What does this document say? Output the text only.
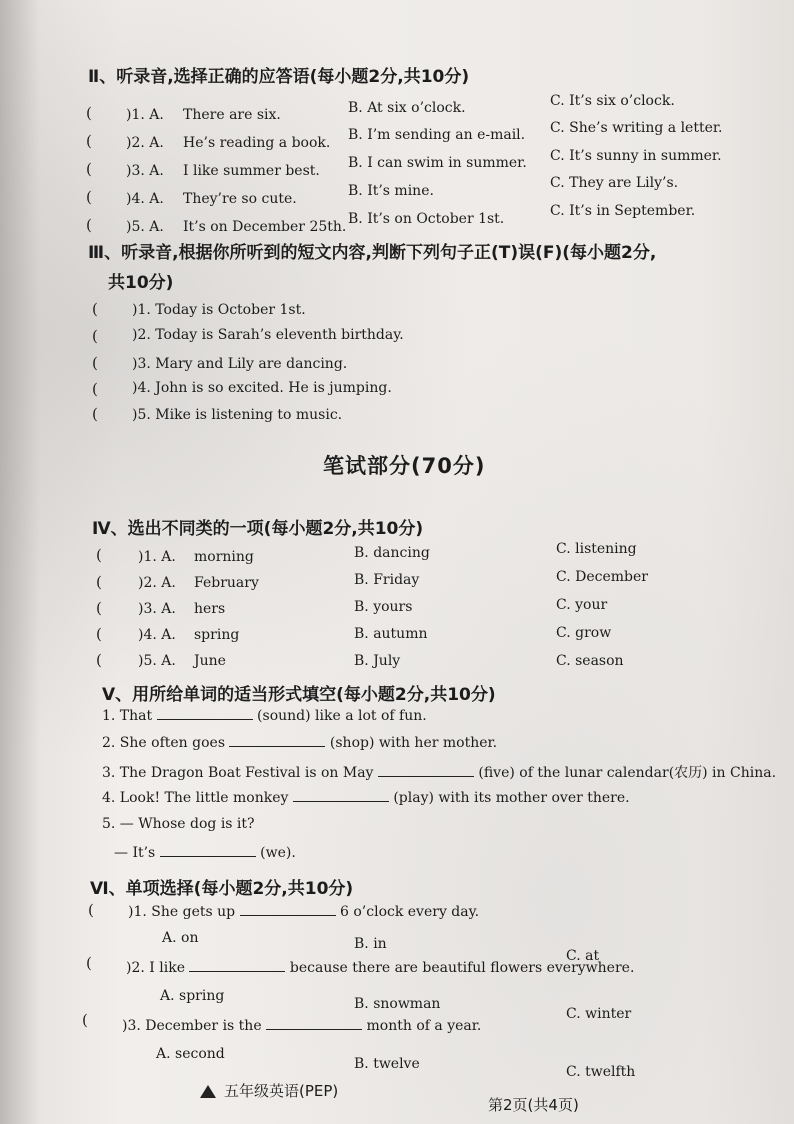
Ⅱ、听录音,选择正确的应答语(每小题2分,共10分)
( )1. A. There are six.	B. At six o’clock.	C. It’s six o’clock.
( )2. A. He’s reading a book. B. I’m sending an e-mail. C. She’s writing a letter.
( )3. A. I like summer best. B. I can swim in summer. C. It’s sunny in summer.
( )4. A. They’re so cute.	B. It’s mine.	C. They are Lily’s.
( )5. A. It’s on December 25th. B. It’s on October 1st.	C. It’s in September.
Ⅲ、听录音,根据你所听到的短文内容,判断下列句子正(T)误(F)(每小题2分,
共10分)
( )1. Today is October 1st.
( )2. Today is Sarah’s eleventh birthday.
( )3. Mary and Lily are dancing.
( )4. John is so excited. He is jumping.
( )5. Mike is listening to music.
笔试部分(70分)
Ⅳ、选出不同类的一项(每小题2分,共10分)
(	)1. A. morning	B. dancing	C. listening
(	)2. A. February	B. Friday	C. December
(	)3. A. hers	B. yours	C. your
(	)4. A. spring	B. autumn	C. grow
(	)5. A. June	B. July	C. season
Ⅴ、用所给单词的适当形式填空(每小题2分,共10分)
1. That	(sound) like a lot of fun.
2. She often goes	(shop) with her mother.
3. The Dragon Boat Festival is on May	(five) of the lunar calendar(农历) in China.
4. Look! The little monkey	(play) with its mother over there.
5. — Whose dog is it?
— It’s	(we).
Ⅵ、单项选择(每小题2分,共10分)
( )1. She gets up	6 o’clock every day.
A. on	B. in
C. at
( )2. I like	because there are beautiful flowers everywhere.
A. spring	B. snowman
C. winter
( )3. December is the	month of a year.
A. second
B. twelve	C. twelfth
五年级英语(PEP)
第2页(共4页)
